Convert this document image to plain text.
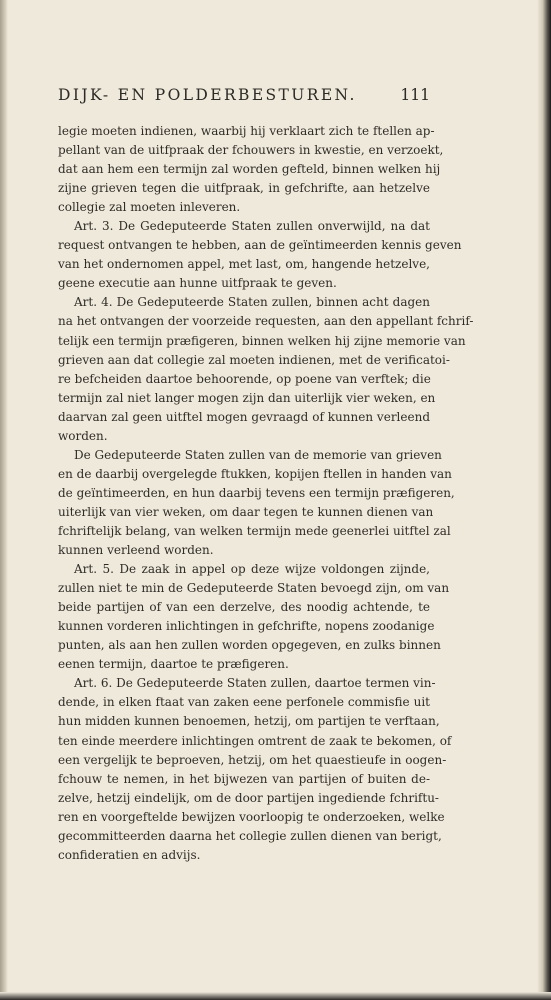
DIJK- EN POLDERBESTUREN.	111
legie moeten indienen, waarbij hij verklaart zich te ftellen ap-
pellant van de uitfpraak der fchouwers in kwestie, en verzoekt,
dat aan hem een termijn zal worden gefteld, binnen welken hij
zijne grieven tegen die uitfpraak, in gefchrifte, aan hetzelve
collegie zal moeten inleveren.
Art. 3. De Gedeputeerde Staten zullen onverwijld, na dat
request ontvangen te hebben, aan de geïntimeerden kennis geven
van het ondernomen appel, met last, om, hangende hetzelve,
geene executie aan hunne uitfpraak te geven.
Art. 4. De Gedeputeerde Staten zullen, binnen acht dagen
na het ontvangen der voorzeide requesten, aan den appellant fchrif-
telijk een termijn præfigeren, binnen welken hij zijne memorie van
grieven aan dat collegie zal moeten indienen, met de verificatoi-
re befcheiden daartoe behoorende, op poene van verftek; die
termijn zal niet langer mogen zijn dan uiterlijk vier weken, en
daarvan zal geen uitftel mogen gevraagd of kunnen verleend
worden.
De Gedeputeerde Staten zullen van de memorie van grieven
en de daarbij overgelegde ftukken, kopijen ftellen in handen van
de geïntimeerden, en hun daarbij tevens een termijn præfigeren,
uiterlijk van vier weken, om daar tegen te kunnen dienen van
fchriftelijk belang, van welken termijn mede geenerlei uitftel zal
kunnen verleend worden.
Art. 5. De zaak in appel op deze wijze voldongen zijnde,
zullen niet te min de Gedeputeerde Staten bevoegd zijn, om van
beide partijen of van een derzelve, des noodig achtende, te
kunnen vorderen inlichtingen in gefchrifte, nopens zoodanige
punten, als aan hen zullen worden opgegeven, en zulks binnen
eenen termijn, daartoe te præfigeren.
Art. 6. De Gedeputeerde Staten zullen, daartoe termen vin-
dende, in elken ftaat van zaken eene perfonele commisfie uit
hun midden kunnen benoemen, hetzij, om partijen te verftaan,
ten einde meerdere inlichtingen omtrent de zaak te bekomen, of
een vergelijk te beproeven, hetzij, om het quaestieufe in oogen-
fchouw te nemen, in het bijwezen van partijen of buiten de-
zelve, hetzij eindelijk, om de door partijen ingediende fchriftu-
ren en voorgeftelde bewijzen voorloopig te onderzoeken, welke
gecommitteerden daarna het collegie zullen dienen van berigt,
confideratien en advijs.
